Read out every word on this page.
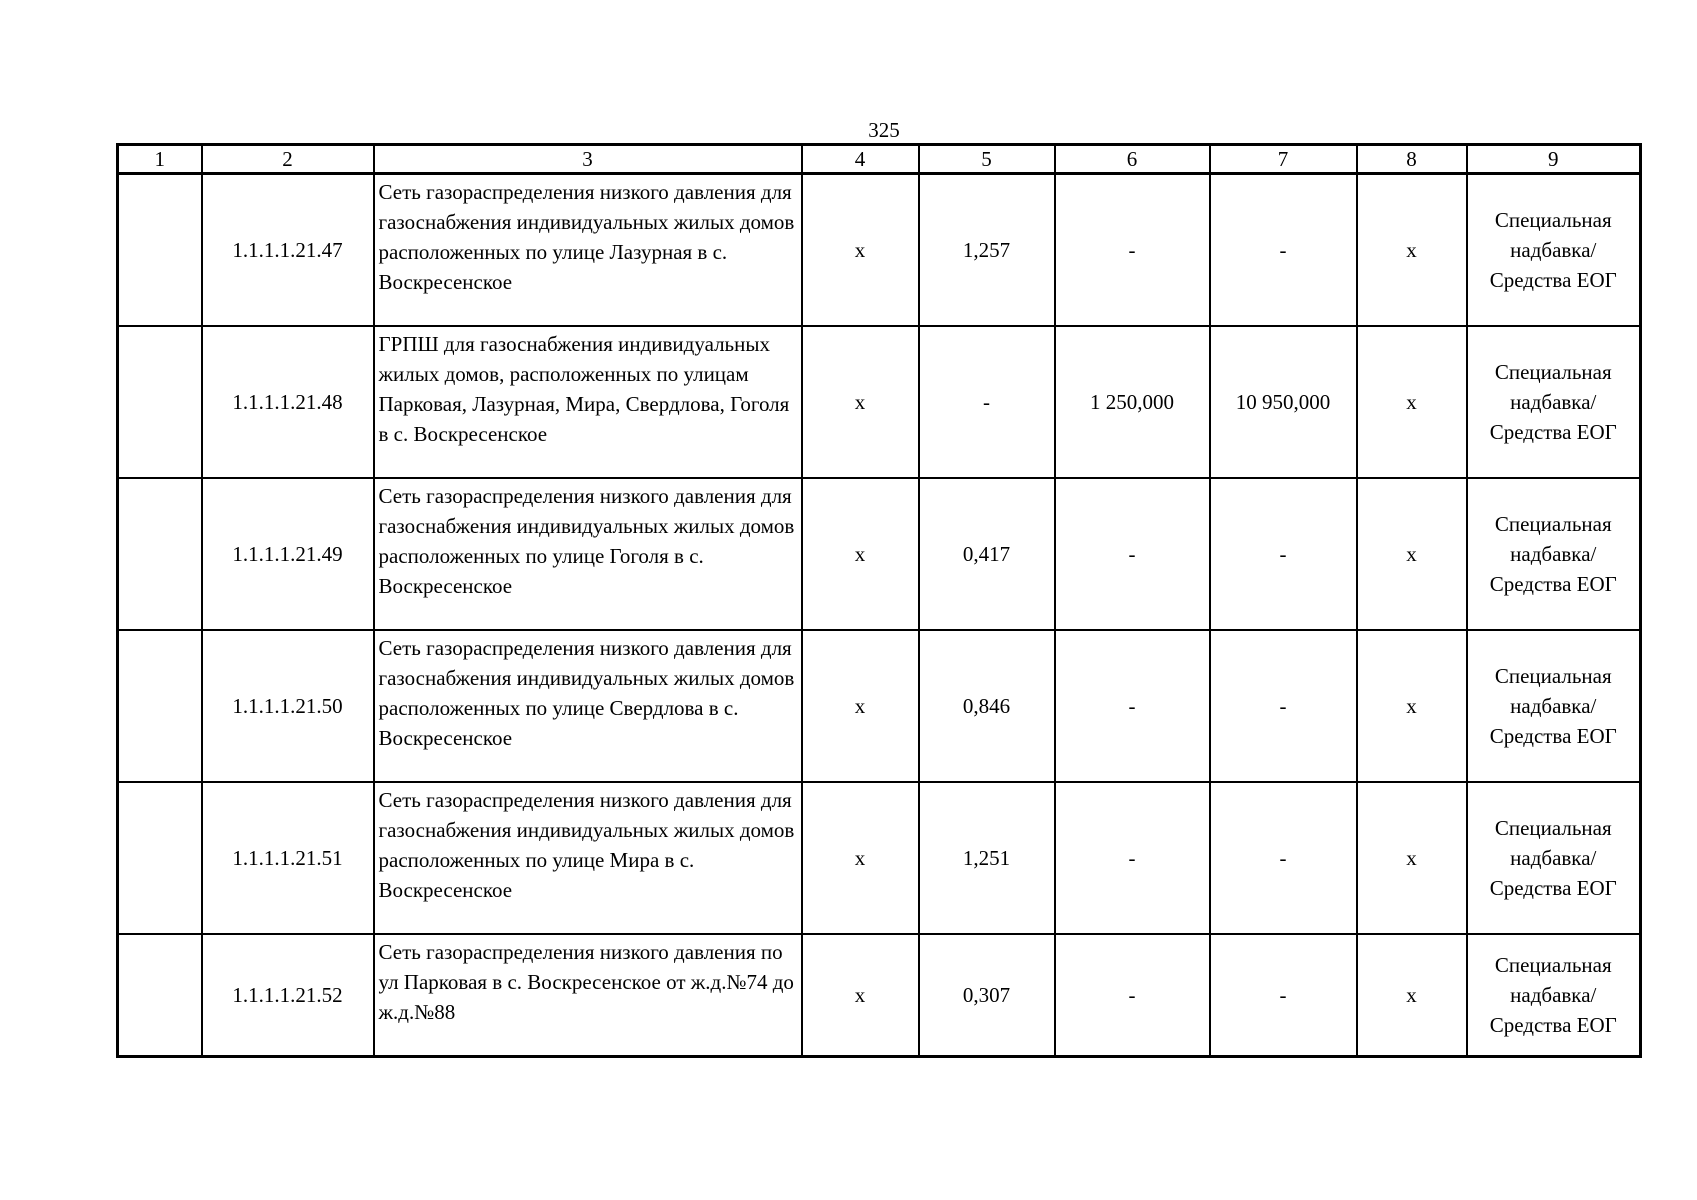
325
1	2	3	4	5	6	7	8	9
	1.1.1.1.21.47	Сеть газораспределения низкого давления для газоснабжения индивидуальных жилых домов расположенных по улице Лазурная в с. Воскресенское	x	1,257	-	-	x	Специальная надбавка/Средства ЕОГ
	1.1.1.1.21.48	ГРПШ для газоснабжения индивидуальных жилых домов, расположенных по улицам Парковая, Лазурная, Мира, Свердлова, Гоголя в с. Воскресенское	x	-	1 250,000	10 950,000	x	Специальная надбавка/Средства ЕОГ
	1.1.1.1.21.49	Сеть газораспределения низкого давления для газоснабжения индивидуальных жилых домов расположенных по улице Гоголя в с. Воскресенское	x	0,417	-	-	x	Специальная надбавка/Средства ЕОГ
	1.1.1.1.21.50	Сеть газораспределения низкого давления для газоснабжения индивидуальных жилых домов расположенных по улице Свердлова в с. Воскресенское	x	0,846	-	-	x	Специальная надбавка/Средства ЕОГ
	1.1.1.1.21.51	Сеть газораспределения низкого давления для газоснабжения индивидуальных жилых домов расположенных по улице Мира в с. Воскресенское	x	1,251	-	-	x	Специальная надбавка/Средства ЕОГ
	1.1.1.1.21.52	Сеть газораспределения низкого давления по ул Парковая в с. Воскресенское от ж.д.№74 до ж.д.№88	x	0,307	-	-	x	Специальная надбавка/Средства ЕОГ
